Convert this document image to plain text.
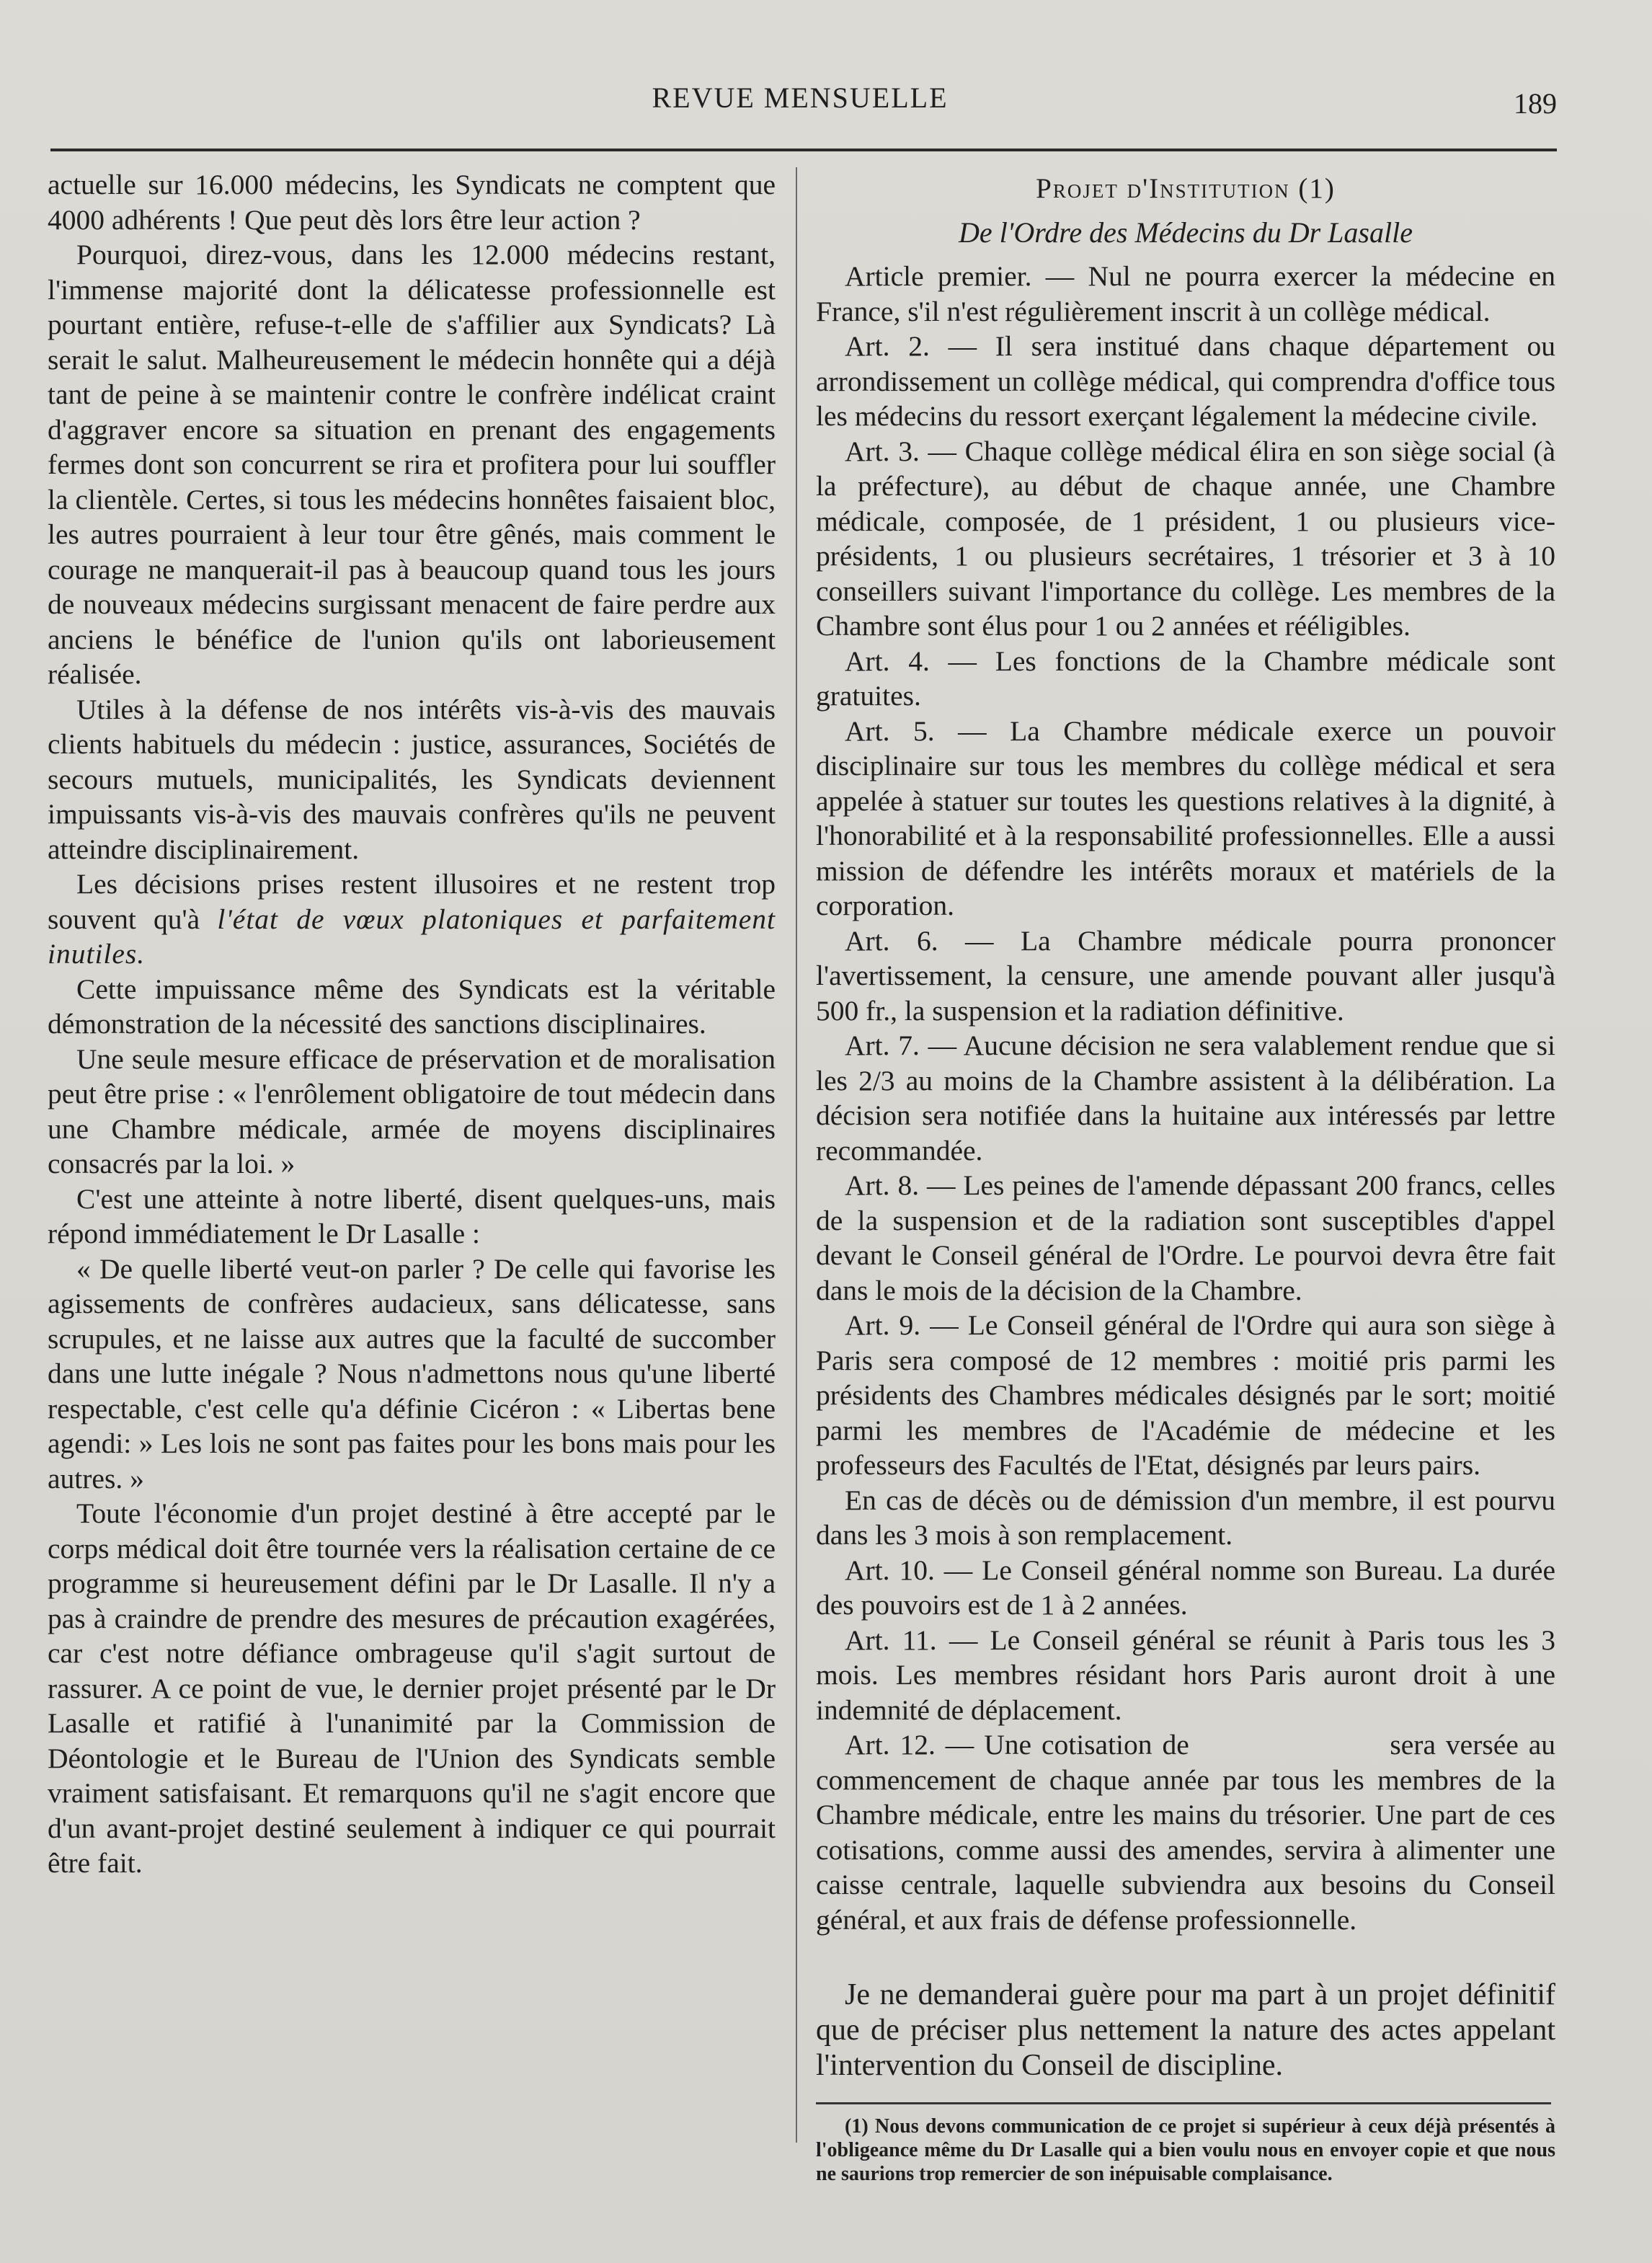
REVUE MENSUELLE	189

actuelle sur 16.000 médecins, les Syndicats ne comptent que 4000 adhérents ! Que peut dès lors être leur action ?

Pourquoi, direz-vous, dans les 12.000 médecins restant, l'immense majorité dont la délicatesse professionnelle est pourtant entière, refuse-t-elle de s'affilier aux Syndicats? Là serait le salut. Malheureusement le médecin honnête qui a déjà tant de peine à se maintenir contre le confrère indélicat craint d'aggraver encore sa situation en prenant des engagements fermes dont son concurrent se rira et profitera pour lui souffler la clientèle. Certes, si tous les médecins honnêtes faisaient bloc, les autres pourraient à leur tour être gênés, mais comment le courage ne manquerait-il pas à beaucoup quand tous les jours de nouveaux médecins surgissant menacent de faire perdre aux anciens le bénéfice de l'union qu'ils ont laborieusement réalisée.

Utiles à la défense de nos intérêts vis-à-vis des mauvais clients habituels du médecin : justice, assurances, Sociétés de secours mutuels, municipalités, les Syndicats deviennent impuissants vis-à-vis des mauvais confrères qu'ils ne peuvent atteindre disciplinairement.

Les décisions prises restent illusoires et ne restent trop souvent qu'à l'état de vœux platoniques et parfaitement inutiles.

Cette impuissance même des Syndicats est la véritable démonstration de la nécessité des sanctions disciplinaires.

Une seule mesure efficace de préservation et de moralisation peut être prise : « l'enrôlement obligatoire de tout médecin dans une Chambre médicale, armée de moyens disciplinaires consacrés par la loi. »

C'est une atteinte à notre liberté, disent quelques-uns, mais répond immédiatement le Dr Lasalle :

« De quelle liberté veut-on parler ? De celle qui favorise les agissements de confrères audacieux, sans délicatesse, sans scrupules, et ne laisse aux autres que la faculté de succomber dans une lutte inégale ? Nous n'admettons nous qu'une liberté respectable, c'est celle qu'a définie Cicéron : « Libertas bene agendi: » Les lois ne sont pas faites pour les bons mais pour les autres. »

Toute l'économie d'un projet destiné à être accepté par le corps médical doit être tournée vers la réalisation certaine de ce programme si heureusement défini par le Dr Lasalle. Il n'y a pas à craindre de prendre des mesures de précaution exagérées, car c'est notre défiance ombrageuse qu'il s'agit surtout de rassurer. A ce point de vue, le dernier projet présenté par le Dr Lasalle et ratifié à l'unanimité par la Commission de Déontologie et le Bureau de l'Union des Syndicats semble vraiment satisfaisant. Et remarquons qu'il ne s'agit encore que d'un avant-projet destiné seulement à indiquer ce qui pourrait être fait.

Projet d'Institution (1)
De l'Ordre des Médecins du Dr Lasalle

Article premier. — Nul ne pourra exercer la médecine en France, s'il n'est régulièrement inscrit à un collège médical.

Art. 2. — Il sera institué dans chaque département ou arrondissement un collège médical, qui comprendra d'office tous les médecins du ressort exerçant légalement la médecine civile.

Art. 3. — Chaque collège médical élira en son siège social (à la préfecture), au début de chaque année, une Chambre médicale, composée, de 1 président, 1 ou plusieurs vice-présidents, 1 ou plusieurs secrétaires, 1 trésorier et 3 à 10 conseillers suivant l'importance du collège. Les membres de la Chambre sont élus pour 1 ou 2 années et rééligibles.

Art. 4. — Les fonctions de la Chambre médicale sont gratuites.

Art. 5. — La Chambre médicale exerce un pouvoir disciplinaire sur tous les membres du collège médical et sera appelée à statuer sur toutes les questions relatives à la dignité, à l'honorabilité et à la responsabilité professionnelles. Elle a aussi mission de défendre les intérêts moraux et matériels de la corporation.

Art. 6. — La Chambre médicale pourra prononcer l'avertissement, la censure, une amende pouvant aller jusqu'à 500 fr., la suspension et la radiation définitive.

Art. 7. — Aucune décision ne sera valablement rendue que si les 2/3 au moins de la Chambre assistent à la délibération. La décision sera notifiée dans la huitaine aux intéressés par lettre recommandée.

Art. 8. — Les peines de l'amende dépassant 200 francs, celles de la suspension et de la radiation sont susceptibles d'appel devant le Conseil général de l'Ordre. Le pourvoi devra être fait dans le mois de la décision de la Chambre.

Art. 9. — Le Conseil général de l'Ordre qui aura son siège à Paris sera composé de 12 membres : moitié pris parmi les présidents des Chambres médicales désignés par le sort; moitié parmi les membres de l'Académie de médecine et les professeurs des Facultés de l'Etat, désignés par leurs pairs.

En cas de décès ou de démission d'un membre, il est pourvu dans les 3 mois à son remplacement.

Art. 10. — Le Conseil général nomme son Bureau. La durée des pouvoirs est de 1 à 2 années.

Art. 11. — Le Conseil général se réunit à Paris tous les 3 mois. Les membres résidant hors Paris auront droit à une indemnité de déplacement.

Art. 12. — Une cotisation de                    sera versée au commencement de chaque année par tous les membres de la Chambre médicale, entre les mains du trésorier. Une part de ces cotisations, comme aussi des amendes, servira à alimenter une caisse centrale, laquelle subviendra aux besoins du Conseil général, et aux frais de défense professionnelle.

Je ne demanderai guère pour ma part à un projet définitif que de préciser plus nettement la nature des actes appelant l'intervention du Conseil de discipline.

(1) Nous devons communication de ce projet si supérieur à ceux déjà présentés à l'obligeance même du Dr Lasalle qui a bien voulu nous en envoyer copie et que nous ne saurions trop remercier de son inépuisable complaisance.
